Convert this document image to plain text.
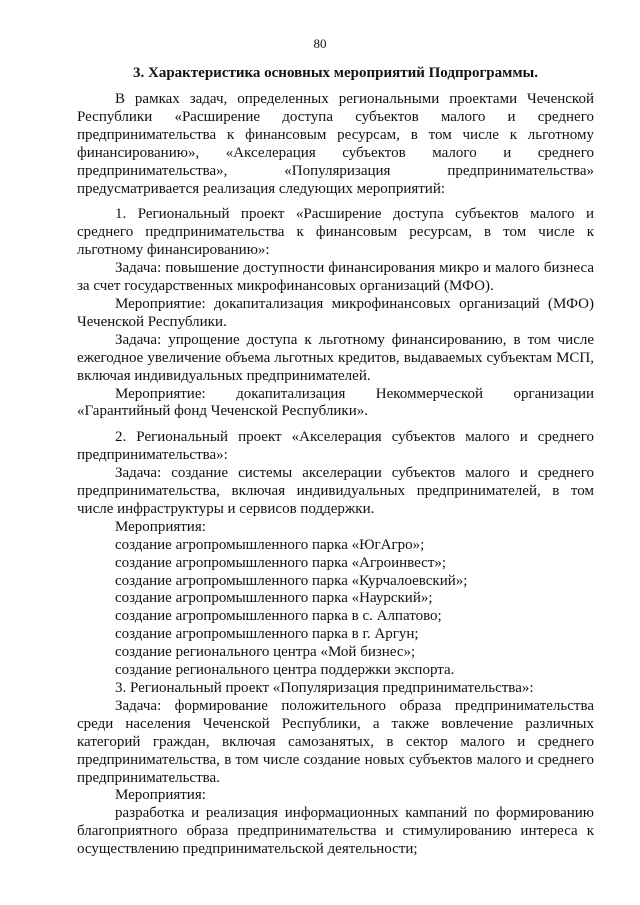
80
3. Характеристика основных мероприятий Подпрограммы.

В рамках задач, определенных региональными проектами Чеченской Республики «Расширение доступа субъектов малого и среднего предпринимательства к финансовым ресурсам, в том числе к льготному финансированию», «Акселерация субъектов малого и среднего предпринимательства», «Популяризация предпринимательства» предусматривается реализация следующих мероприятий:

1. Региональный проект «Расширение доступа субъектов малого и среднего предпринимательства к финансовым ресурсам, в том числе к льготному финансированию»:

Задача: повышение доступности финансирования микро и малого бизнеса за счет государственных микрофинансовых организаций (МФО).

Мероприятие: докапитализация микрофинансовых организаций (МФО) Чеченской Республики.

Задача: упрощение доступа к льготному финансированию, в том числе ежегодное увеличение объема льготных кредитов, выдаваемых субъектам МСП, включая индивидуальных предпринимателей.

Мероприятие: докапитализация Некоммерческой организации «Гарантийный фонд Чеченской Республики».

2. Региональный проект «Акселерация субъектов малого и среднего предпринимательства»:

Задача: создание системы акселерации субъектов малого и среднего предпринимательства, включая индивидуальных предпринимателей, в том числе инфраструктуры и сервисов поддержки.

Мероприятия:

создание агропромышленного парка «ЮгАгро»;

создание агропромышленного парка «Агроинвест»;

создание агропромышленного парка «Курчалоевский»;

создание агропромышленного парка «Наурский»;

создание агропромышленного парка в с. Алпатово;

создание агропромышленного парка в г. Аргун;

создание регионального центра «Мой бизнес»;

создание регионального центра поддержки экспорта.

3. Региональный проект «Популяризация предпринимательства»:

Задача: формирование положительного образа предпринимательства среди населения Чеченской Республики, а также вовлечение различных категорий граждан, включая самозанятых, в сектор малого и среднего предпринимательства, в том числе создание новых субъектов малого и среднего предпринимательства.

Мероприятия:

разработка и реализация информационных кампаний по формированию благоприятного образа предпринимательства и стимулированию интереса к осуществлению предпринимательской деятельности;
